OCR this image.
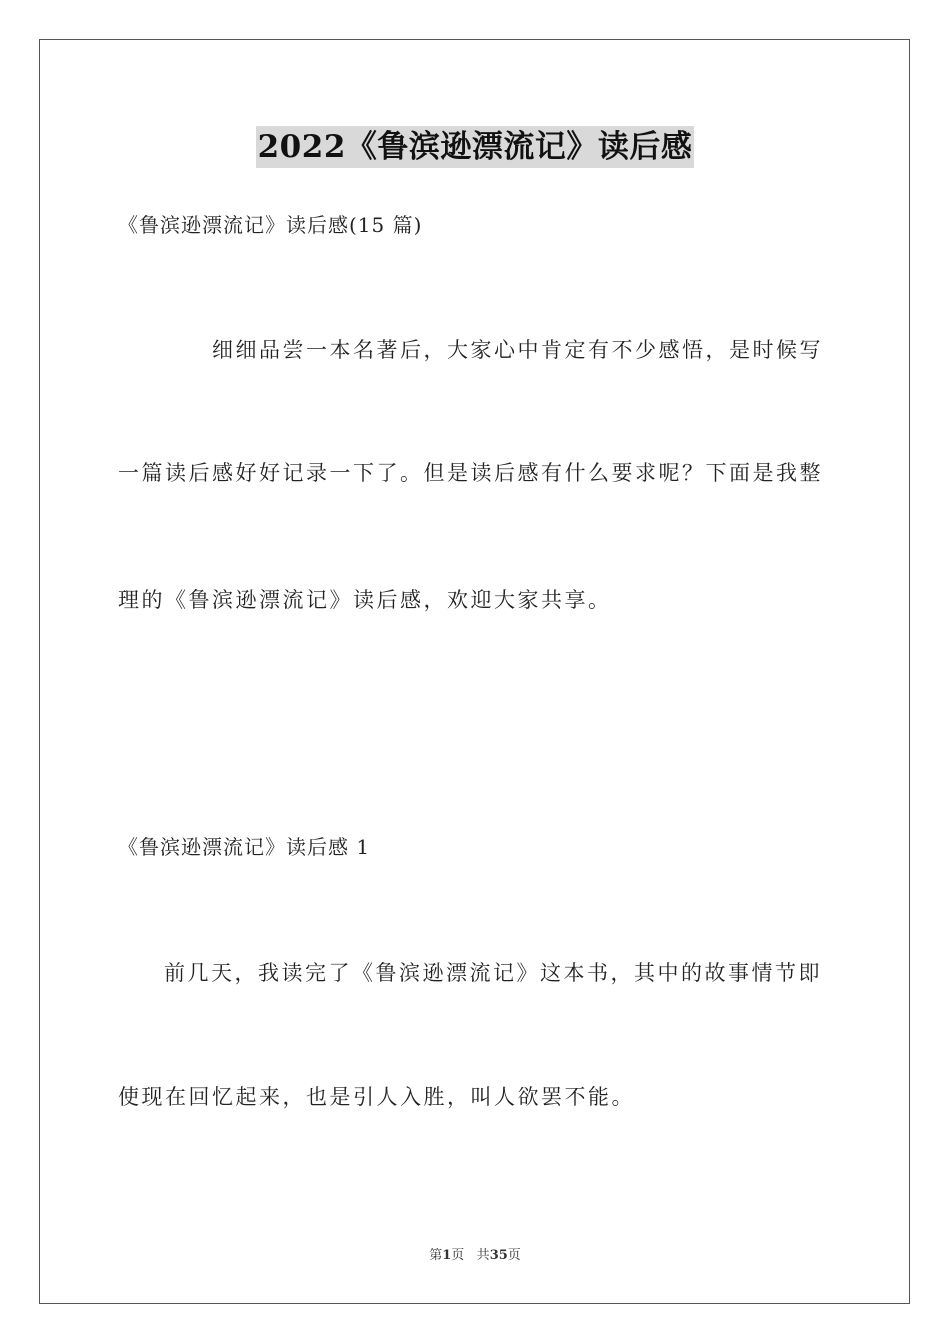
2022《鲁滨逊漂流记》读后感
《鲁滨逊漂流记》读后感(15 篇)
细细品尝一本名著后，大家心中肯定有不少感悟，是时候写
一篇读后感好好记录一下了。但是读后感有什么要求呢？下面是我整
理的《鲁滨逊漂流记》读后感，欢迎大家共享。
《鲁滨逊漂流记》读后感 1
前几天，我读完了《鲁滨逊漂流记》这本书，其中的故事情节即
使现在回忆起来，也是引人入胜，叫人欲罢不能。
第1页 共35页
